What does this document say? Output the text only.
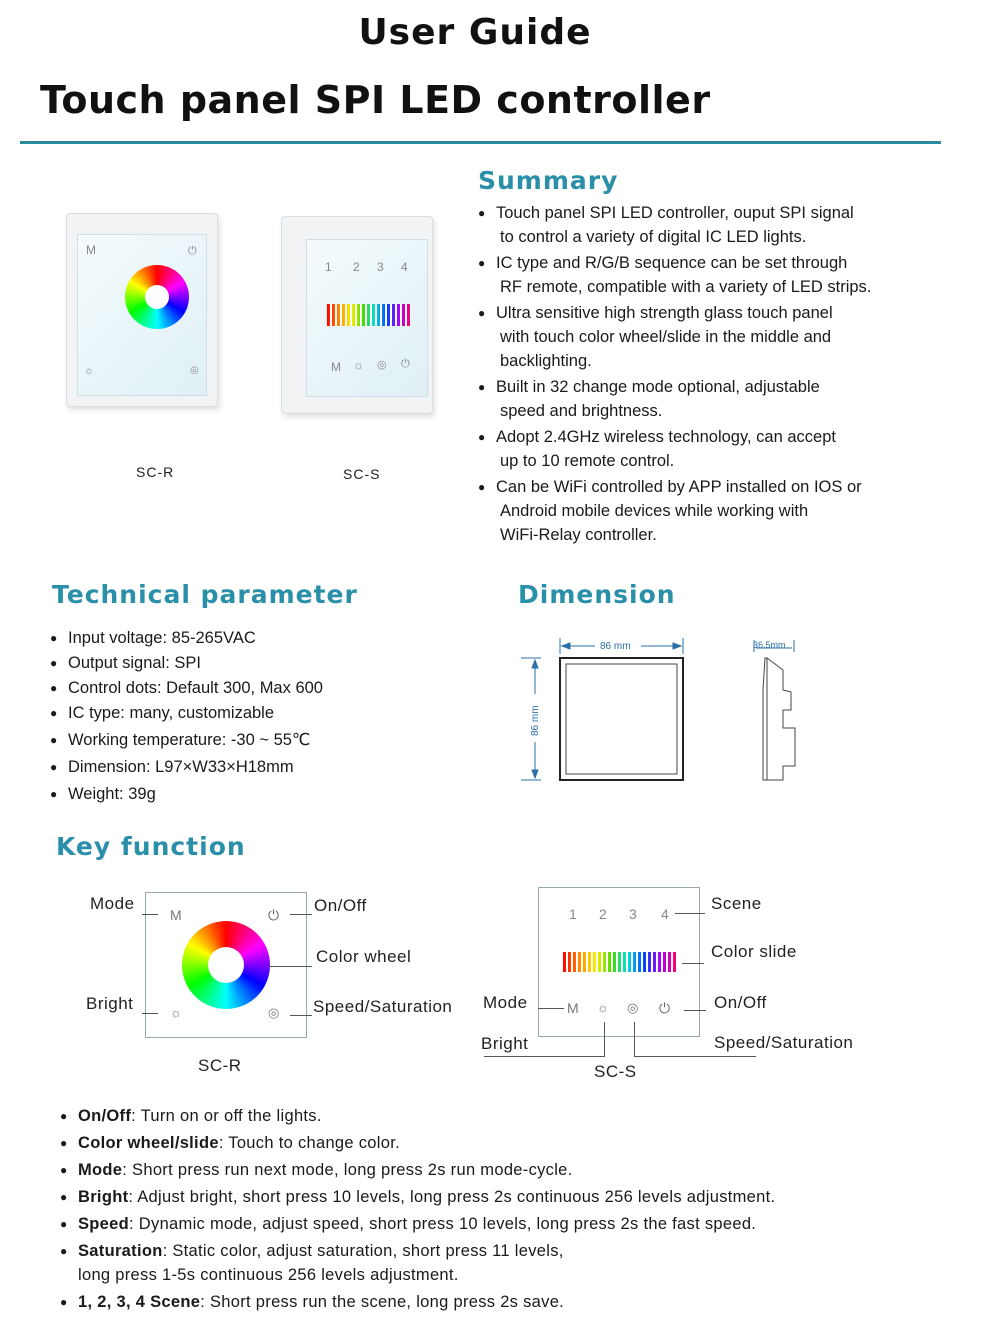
User Guide
Touch panel SPI LED controller
M	⏻
☼	◎
SC-R
1 2 3 4
M ☼ ◎ ⏻
SC-S
Summary
● Touch panel SPI LED controller, ouput SPI signal
to control a variety of digital IC LED lights.
● IC type and R/G/B sequence can be set through
RF remote, compatible with a variety of LED strips.
● Ultra sensitive high strength glass touch panel
with touch color wheel/slide in the middle and
backlighting.
● Built in 32 change mode optional, adjustable
speed and brightness.
● Adopt 2.4GHz wireless technology, can accept
up to 10 remote control.
● Can be WiFi controlled by APP installed on IOS or
Android mobile devices while working with
WiFi-Relay controller.
Technical parameter
● Input voltage: 85-265VAC
● Output signal: SPI
● Control dots: Default 300, Max 600
● IC type: many, customizable
● Working temperature: -30 ~ 55℃
● Dimension: L97×W33×H18mm
● Weight: 39g
Dimension
86 mm
86 mm
36.5mm
Key function
M	⏻
☼	◎
Mode	On/Off
Color wheel
Bright	Speed/Saturation
SC-R
1 2 3 4
M ☼ ◎ ⏻
Scene
Color slide
Mode	On/Off
Bright	Speed/Saturation
SC-S
● On/Off: Turn on or off the lights.
● Color wheel/slide: Touch to change color.
● Mode: Short press run next mode, long press 2s run mode-cycle.
● Bright: Adjust bright, short press 10 levels, long press 2s continuous 256 levels adjustment.
● Speed: Dynamic mode, adjust speed, short press 10 levels, long press 2s the fast speed.
● Saturation: Static color, adjust saturation, short press 11 levels,
long press 1-5s continuous 256 levels adjustment.
● 1, 2, 3, 4 Scene: Short press run the scene, long press 2s save.
